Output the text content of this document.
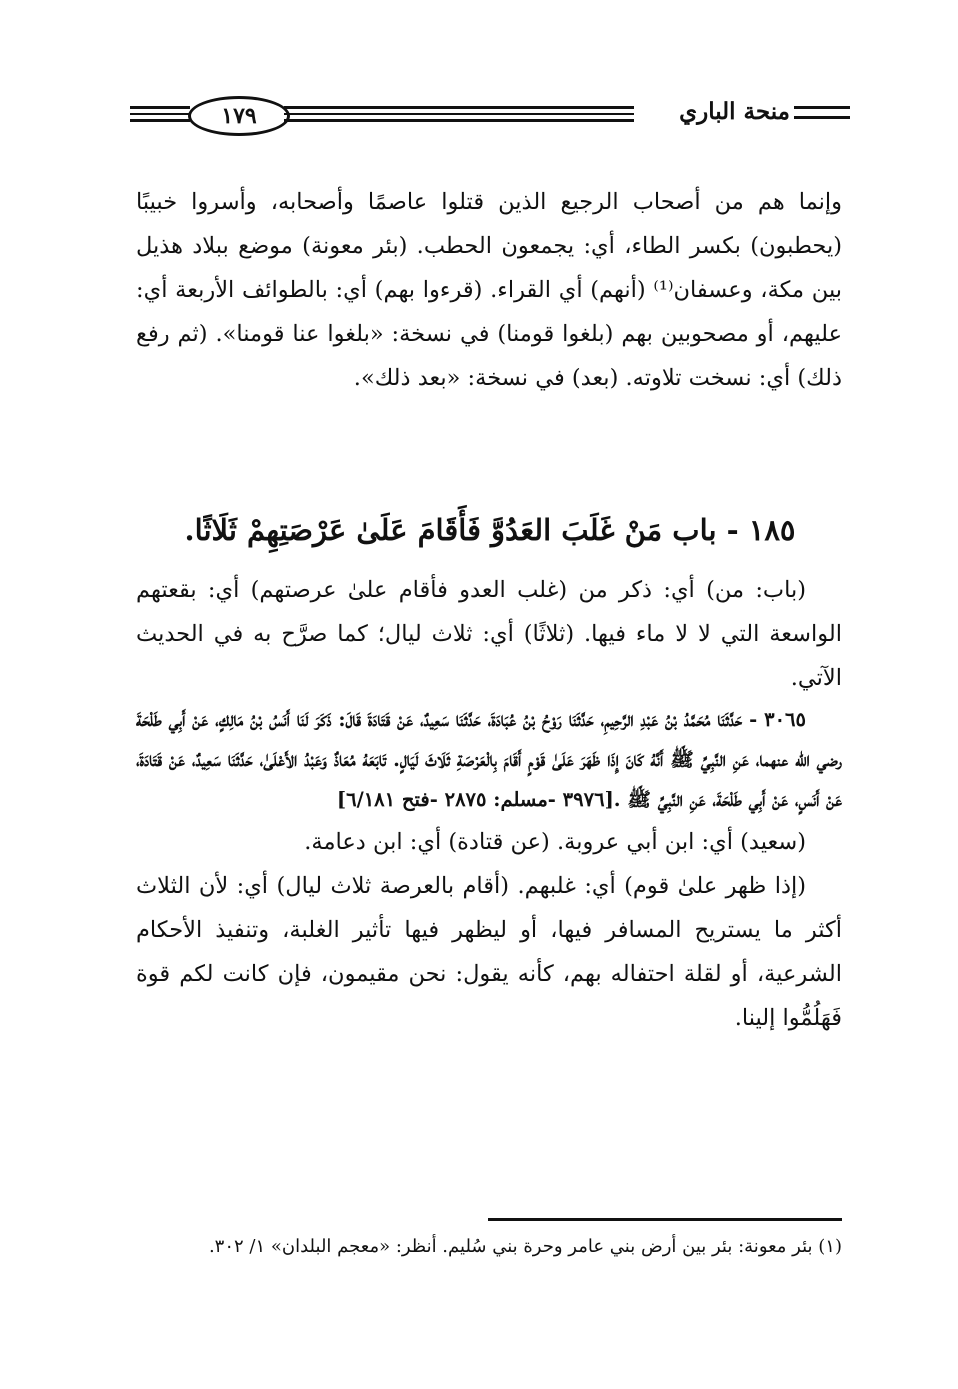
١٧٩	منحة الباري

وإنما هم من أصحاب الرجيع الذين قتلوا عاصمًا وأصحابه، وأسروا خبيبًا (يحطبون) بكسر الطاء، أي: يجمعون الحطب. (بئر معونة) موضع ببلاد هذيل بين مكة، وعسفان⁽¹⁾ (أنهم) أي القراء. (قرءوا بهم) أي: بالطوائف الأربعة أي: عليهم، أو مصحوبين بهم (بلغوا قومنا) في نسخة: «بلغوا عنا قومنا». (ثم رفع ذلك) أي: نسخت تلاوته. (بعد) في نسخة: «بعد ذلك».

١٨٥ - باب مَنْ غَلَبَ العَدُوَّ فَأَقَامَ عَلَىٰ عَرْصَتِهِمْ ثَلَاثًا.

(باب: من) أي: ذكر من (غلب العدو فأقام علىٰ عرصتهم) أي: بقعتهم الواسعة التي لا لا ماء فيها. (ثلاثًا) أي: ثلاث ليال؛ كما صرَّح به في الحديث الآتي.

٣٠٦٥ - حَدَّثَنَا مُحَمَّدُ بْنُ عَبْدِ الرَّحِيمِ، حَدَّثَنَا رَوْحُ بْنُ عُبَادَةَ، حَدَّثَنَا سَعِيدٌ، عَنْ قَتَادَةَ قَالَ: ذَكَرَ لَنَا أَنَسُ بْنُ مَالِكٍ، عَنْ أَبِي طَلْحَةَ رضي الله عنهما، عَنِ النَّبِيِّ ﷺ أَنَّهُ كَانَ إِذَا ظَهَرَ عَلَىٰ قَوْمٍ أَقَامَ بِالْعَرْصَةِ ثَلَاثَ لَيَالٍ. تَابَعَهُ مُعَاذٌ وَعَبْدُ الأَعْلَىٰ، حَدَّثَنَا سَعِيدٌ، عَنْ قَتَادَةَ، عَنْ أَنَسٍ، عَنْ أَبِي طَلْحَةَ، عَنِ النَّبِيِّ ﷺ .[٣٩٧٦ -مسلم: ٢٨٧٥ -فتح ٦/١٨١]

(سعيد) أي: ابن أبي عروبة. (عن قتادة) أي: ابن دعامة.

(إذا ظهر علىٰ قوم) أي: غلبهم. (أقام بالعرصة ثلاث ليال) أي: لأن الثلاث أكثر ما يستريح المسافر فيها، أو ليظهر فيها تأثير الغلبة، وتنفيذ الأحكام الشرعية، أو لقلة احتفاله بهم، كأنه يقول: نحن مقيمون، فإن كانت لكم قوة فَهَلُمُّوا إلينا.

(١) بئر معونة: بئر بين أرض بني عامر وحرة بني سُليم. أنظر: «معجم البلدان» ١/ ٣٠٢.
